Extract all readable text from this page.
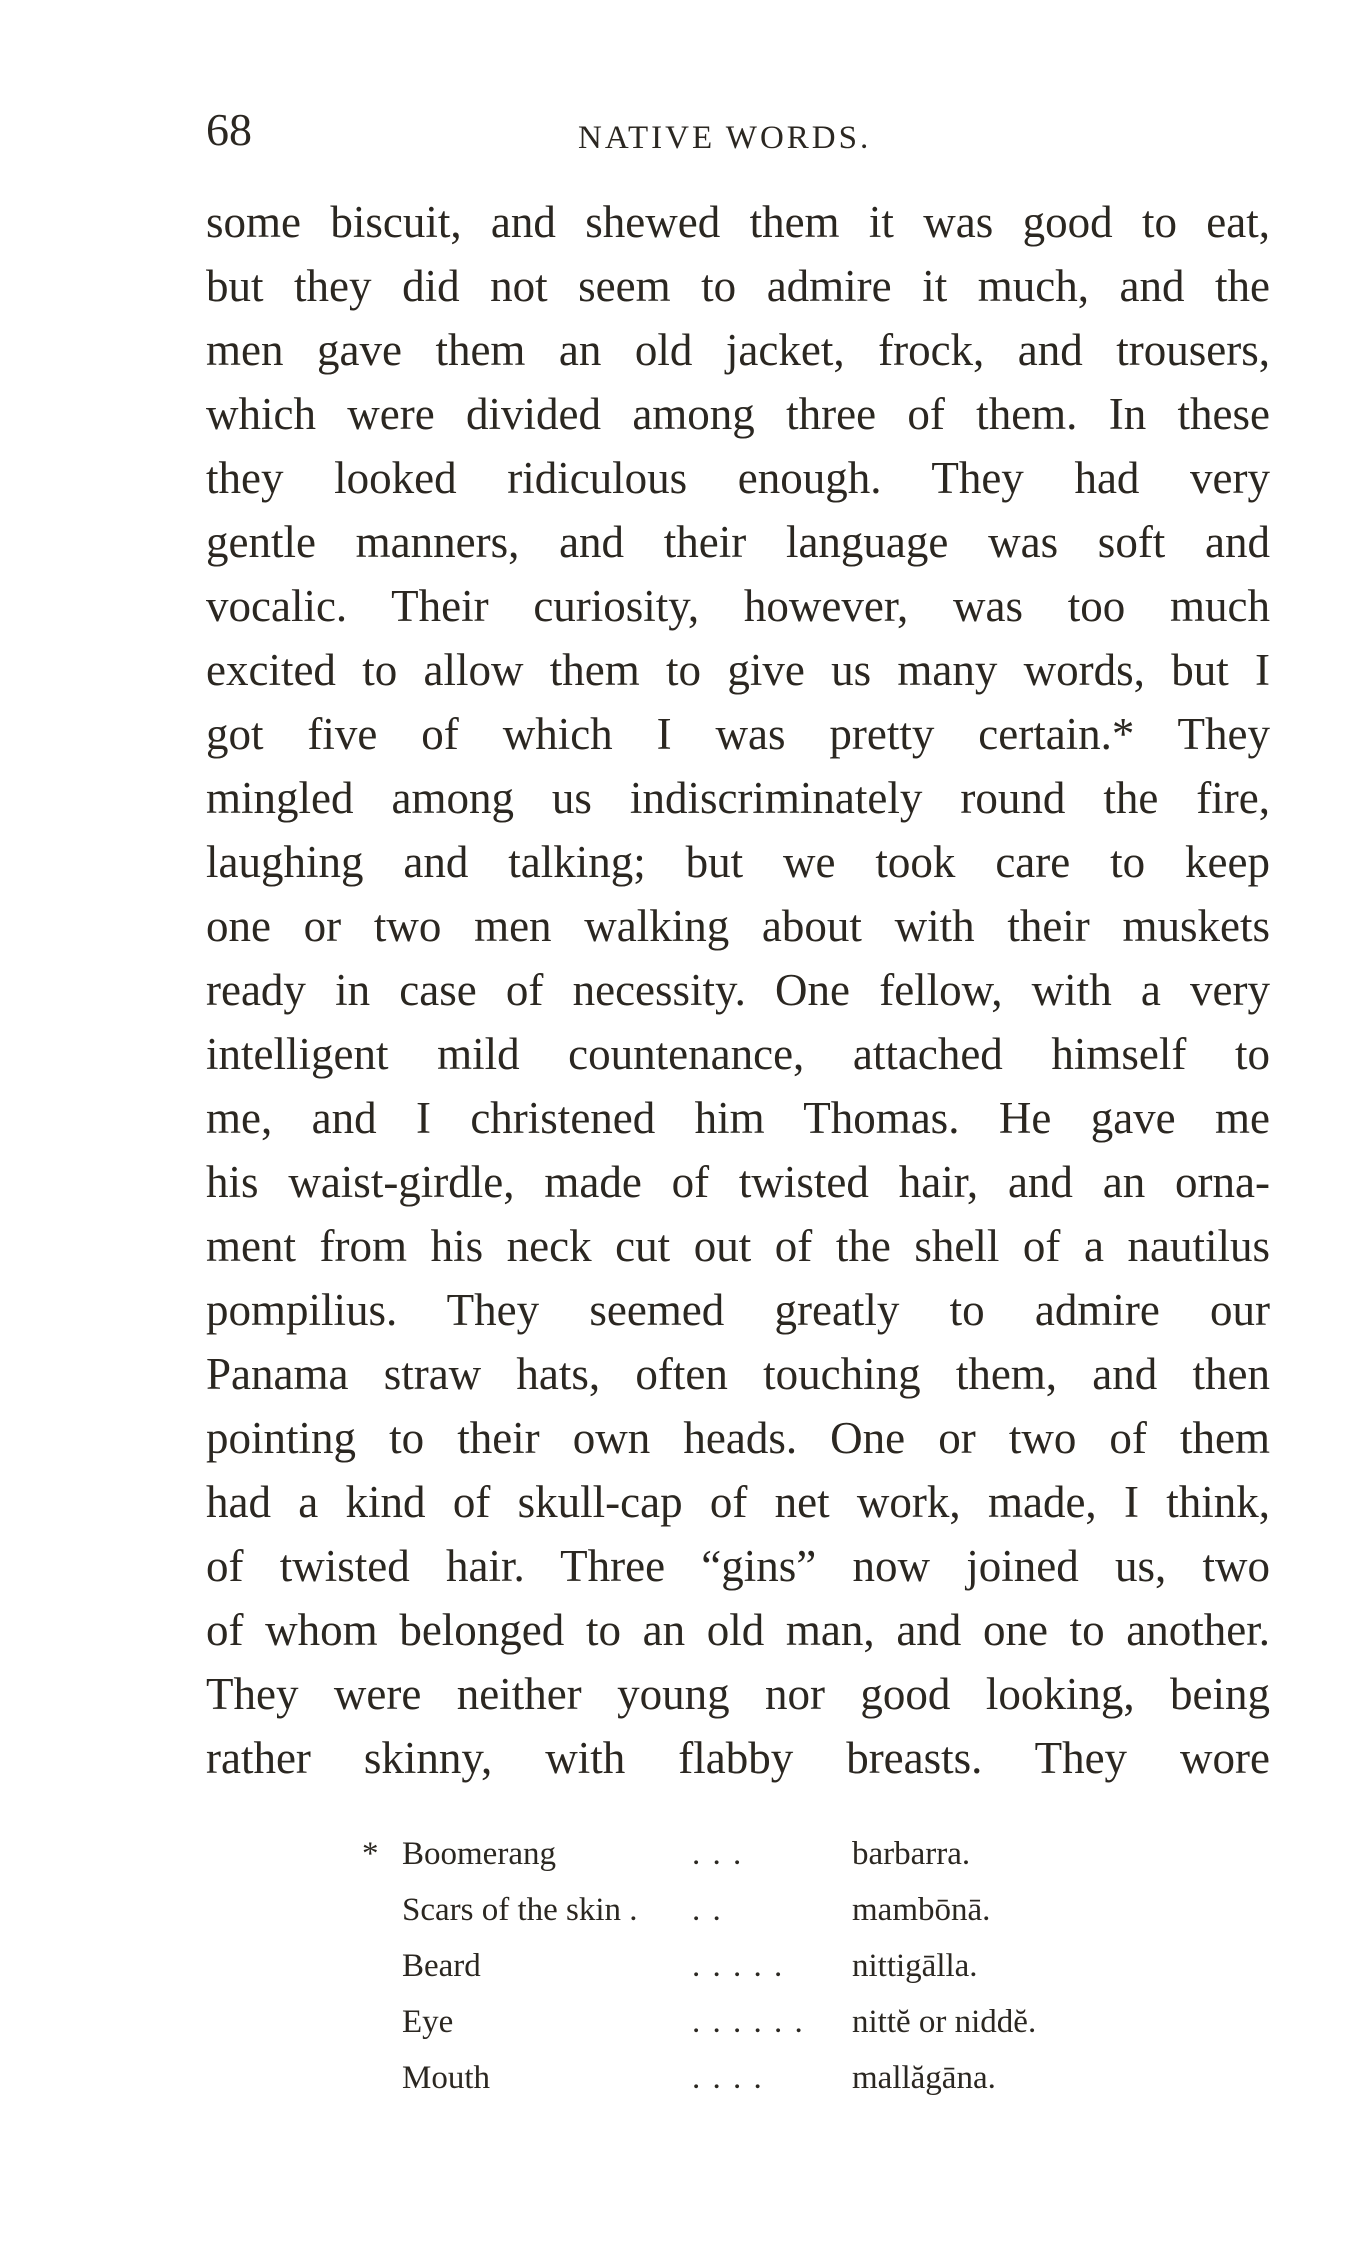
68	NATIVE WORDS.
some biscuit, and shewed them it was good to eat,
but they did not seem to admire it much, and the
men gave them an old jacket, frock, and trousers,
which were divided among three of them. In these
they looked ridiculous enough. They had very
gentle manners, and their language was soft and
vocalic. Their curiosity, however, was too much
excited to allow them to give us many words, but I
got five of which I was pretty certain.* They
mingled among us indiscriminately round the fire,
laughing and talking; but we took care to keep
one or two men walking about with their muskets
ready in case of necessity. One fellow, with a very
intelligent mild countenance, attached himself to
me, and I christened him Thomas. He gave me
his waist-girdle, made of twisted hair, and an orna-
ment from his neck cut out of the shell of a nautilus
pompilius. They seemed greatly to admire our
Panama straw hats, often touching them, and then
pointing to their own heads. One or two of them
had a kind of skull-cap of net work, made, I think,
of twisted hair. Three “gins” now joined us, two
of whom belonged to an old man, and one to another.
They were neither young nor good looking, being
rather skinny, with flabby breasts. They wore
* Boomerang	. . .	barbarra.
Scars of the skin . . .	mambōnā.
Beard	. . . . . nittigālla.
Eye	. . . . . . nittĕ or niddĕ.
Mouth	. . . .	mallăgāna.
